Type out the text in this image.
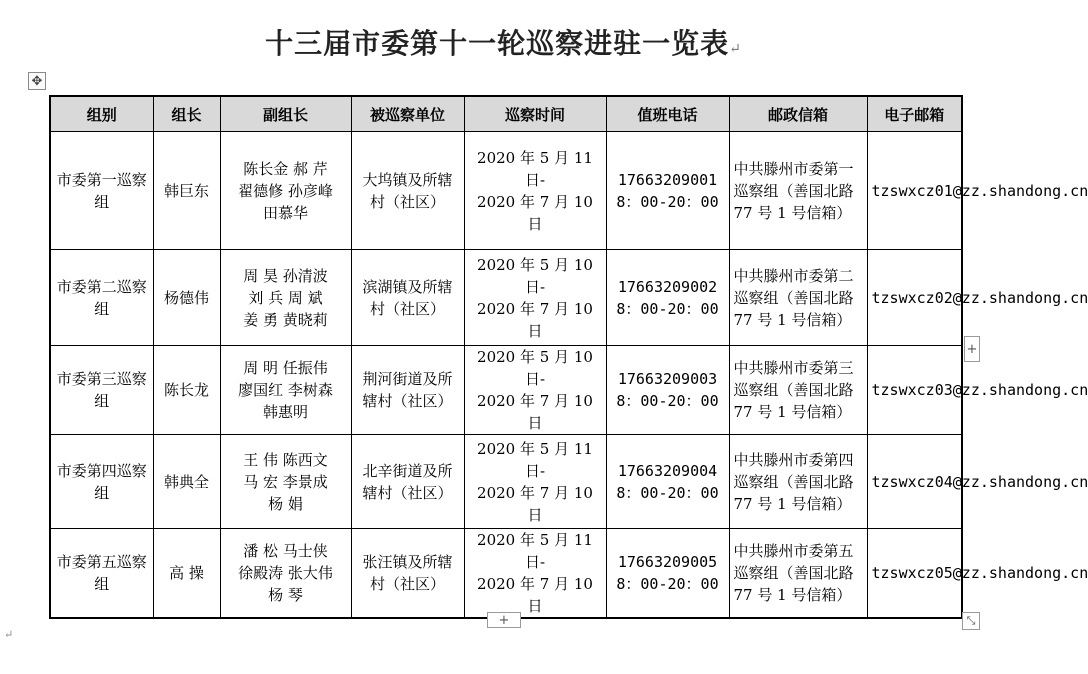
十三届市委第十一轮巡察进驻一览表↵
✥
组别	组长	副组长	被巡察单位	巡察时间	值班电话	邮政信箱	电子邮箱
市委第一巡察组	韩巨东	陈长金 郝 芹
翟德修 孙彦峰
田慕华	大坞镇及所辖村（社区）	2020 年 5 月 11 日-
2020 年 7 月 10 日	17663209001
8：00-20：00	中共滕州市委第一巡察组（善国北路 77 号 1 号信箱）	tzswxcz01@zz.shandong.cn
市委第二巡察组	杨德伟	周 昊 孙清波
刘 兵 周 斌
姜 勇 黄晓莉	滨湖镇及所辖村（社区）	2020 年 5 月 10 日-
2020 年 7 月 10 日	17663209002
8：00-20：00	中共滕州市委第二巡察组（善国北路 77 号 1 号信箱）	tzswxcz02@zz.shandong.cn
市委第三巡察组	陈长龙	周 明 任振伟
廖国红 李树森
韩惠明	荆河街道及所辖村（社区）	2020 年 5 月 10 日-
2020 年 7 月 10 日	17663209003
8：00-20：00	中共滕州市委第三巡察组（善国北路 77 号 1 号信箱）	tzswxcz03@zz.shandong.cn
市委第四巡察组	韩典全	王 伟 陈西文
马 宏 李景成
杨 娟	北辛街道及所辖村（社区）	2020 年 5 月 11 日-
2020 年 7 月 10 日	17663209004
8：00-20：00	中共滕州市委第四巡察组（善国北路 77 号 1 号信箱）	tzswxcz04@zz.shandong.cn
市委第五巡察组	高 操	潘 松 马士侠
徐殿涛 张大伟
杨 琴	张汪镇及所辖村（社区）	2020 年 5 月 11 日-
2020 年 7 月 10 日	17663209005
8：00-20：00	中共滕州市委第五巡察组（善国北路 77 号 1 号信箱）	tzswxcz05@zz.shandong.cn
+
+	⤡
↵
